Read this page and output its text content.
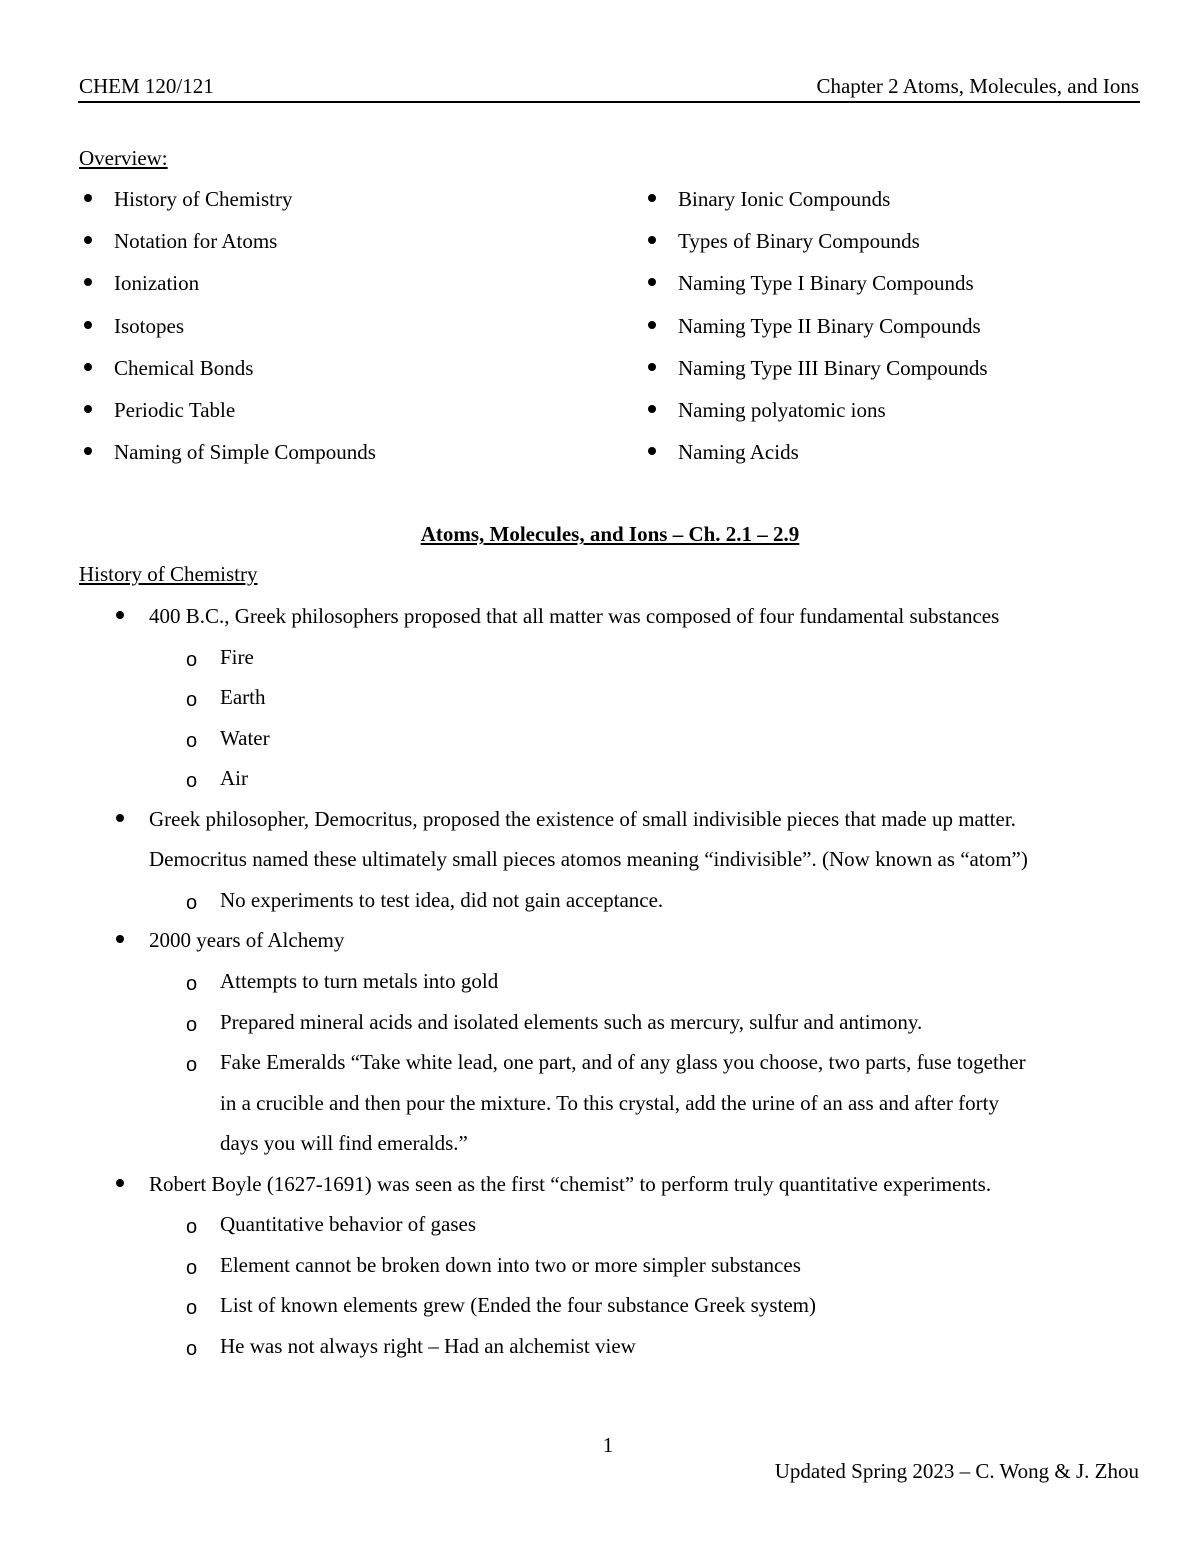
CHEM 120/121	Chapter 2 Atoms, Molecules, and Ions
Overview:
History of Chemistry
Notation for Atoms
Ionization
Isotopes
Chemical Bonds
Periodic Table
Naming of Simple Compounds
Binary Ionic Compounds
Types of Binary Compounds
Naming Type I Binary Compounds
Naming Type II Binary Compounds
Naming Type III Binary Compounds
Naming polyatomic ions
Naming Acids
Atoms, Molecules, and Ions – Ch. 2.1 – 2.9
History of Chemistry
400 B.C., Greek philosophers proposed that all matter was composed of four fundamental substances
o Fire
o Earth
o Water
o Air
Greek philosopher, Democritus, proposed the existence of small indivisible pieces that made up matter.
Democritus named these ultimately small pieces atomos meaning “indivisible”. (Now known as “atom”)
o No experiments to test idea, did not gain acceptance.
2000 years of Alchemy
o Attempts to turn metals into gold
o Prepared mineral acids and isolated elements such as mercury, sulfur and antimony.
o Fake Emeralds “Take white lead, one part, and of any glass you choose, two parts, fuse together
in a crucible and then pour the mixture. To this crystal, add the urine of an ass and after forty
days you will find emeralds.”
Robert Boyle (1627-1691) was seen as the first “chemist” to perform truly quantitative experiments.
o Quantitative behavior of gases
o Element cannot be broken down into two or more simpler substances
o List of known elements grew (Ended the four substance Greek system)
o He was not always right – Had an alchemist view
1
Updated Spring 2023 – C. Wong & J. Zhou
